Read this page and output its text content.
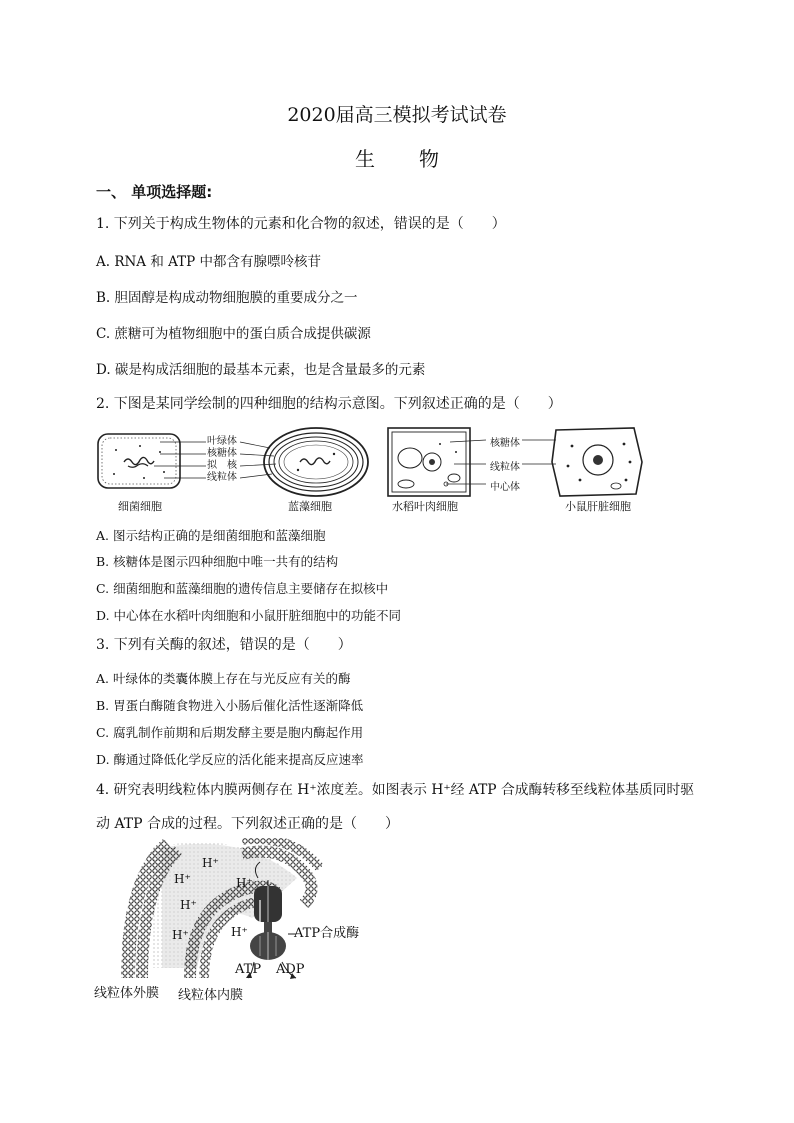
2020届高三模拟考试试卷
生 物
一、 单项选择题:
1. 下列关于构成生物体的元素和化合物的叙述，错误的是（　　）
A. RNA 和 ATP 中都含有腺嘌呤核苷
B. 胆固醇是构成动物细胞膜的重要成分之一
C. 蔗糖可为植物细胞中的蛋白质合成提供碳源
D. 碳是构成活细胞的最基本元素，也是含量最多的元素
2. 下图是某同学绘制的四种细胞的结构示意图。下列叙述正确的是（　　）
叶绿体
核糖体
拟　核
线粒体
核糖体
线粒体
中心体
细菌细胞	蓝藻细胞	水稻叶肉细胞	小鼠肝脏细胞
A. 图示结构正确的是细菌细胞和蓝藻细胞
B. 核糖体是图示四种细胞中唯一共有的结构
C. 细菌细胞和蓝藻细胞的遗传信息主要储存在拟核中
D. 中心体在水稻叶肉细胞和小鼠肝脏细胞中的功能不同
3. 下列有关酶的叙述，错误的是（　　）
A. 叶绿体的类囊体膜上存在与光反应有关的酶
B. 胃蛋白酶随食物进入小肠后催化活性逐渐降低
C. 腐乳制作前期和后期发酵主要是胞内酶起作用
D. 酶通过降低化学反应的活化能来提高反应速率
4. 研究表明线粒体内膜两侧存在 H⁺浓度差。如图表示 H⁺经 ATP 合成酶转移至线粒体基质同时驱
动 ATP 合成的过程。下列叙述正确的是（　　）
H⁺
H⁺	H⁺
H⁺
H⁺	H⁺	ATP合成酶
ATP ADP
线粒体外膜 线粒体内膜
